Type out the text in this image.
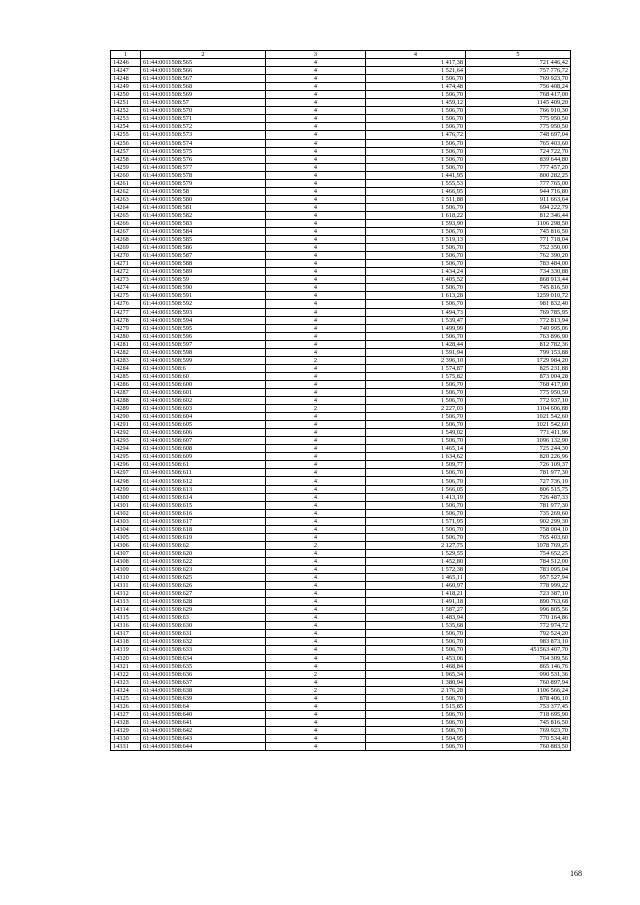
1	2	3	4	5
14246	61:44:0011508:565	4	1 417,38	721 446,42
14247	61:44:0011508:566	4	1 521,64	757 776,72
14248	61:44:0011508:567	4	1 506,70	769 923,70
14249	61:44:0011508:568	4	1 474,48	756 408,24
14250	61:44:0011508:569	4	1 506,70	768 417,00
14251	61:44:0011508:57	4	1 459,12	1145 409,20
14252	61:44:0011508:570	4	1 506,70	766 910,30
14253	61:44:0011508:571	4	1 506,70	775 950,50
14254	61:44:0011508:572	4	1 506,70	775 950,50
14255	61:44:0011508:573	4	1 476,72	748 697,04
14256	61:44:0011508:574	4	1 506,70	765 403,60
14257	61:44:0011508:575	4	1 506,70	724 722,70
14258	61:44:0011508:576	4	1 506,70	839 644,80
14259	61:44:0011508:577	4	1 506,70	777 457,20
14260	61:44:0011508:578	4	1 441,95	800 282,25
14261	61:44:0011508:579	4	1 555,53	777 765,00
14262	61:44:0011508:58	4	1 466,95	944 716,80
14263	61:44:0011508:580	4	1 511,88	911 663,64
14264	61:44:0011508:581	4	1 506,79	694 222,79
14265	61:44:0011508:582	4	1 618,22	812 346,44
14266	61:44:0011508:583	4	1 593,90	1106 298,50
14267	61:44:0011508:584	4	1 506,70	745 816,50
14268	61:44:0011508:585	4	1 519,13	771 718,04
14269	61:44:0011508:586	4	1 506,70	752 350,00
14270	61:44:0011508:587	4	1 506,70	762 390,20
14271	61:44:0011508:588	4	1 506,70	783 484,00
14272	61:44:0011508:589	4	1 434,24	734 330,88
14273	61:44:0011508:59	4	1 405,52	868 913,44
14274	61:44:0011508:590	4	1 506,70	745 816,50
14275	61:44:0011508:591	4	1 613,28	1259 010,72
14276	61:44:0011508:592	4	1 506,70	981 832,40
14277	61:44:0011508:593	4	1 494,73	769 785,95
14278	61:44:0011508:594	4	1 539,47	772 813,94
14279	61:44:0011508:595	4	1 499,99	740 995,06
14280	61:44:0011508:596	4	1 506,70	763 896,90
14281	61:44:0011508:597	4	1 428,44	812 782,36
14282	61:44:0011508:598	4	1 591,94	799 153,88
14283	61:44:0011508:599	2	2 396,10	1729 984,20
14284	61:44:0011508:6	4	1 574,87	825 231,88
14285	61:44:0011508:60	4	1 575,82	873 004,28
14286	61:44:0011508:600	4	1 506,70	768 417,00
14287	61:44:0011508:601	4	1 506,70	775 950,50
14288	61:44:0011508:602	4	1 506,70	772 937,10
14289	61:44:0011508:603	2	2 227,03	1104 606,88
14290	61:44:0011508:604	4	1 506,70	1021 542,60
14291	61:44:0011508:605	4	1 506,70	1021 542,60
14292	61:44:0011508:606	4	1 549,02	771 411,96
14293	61:44:0011508:607	4	1 506,70	1096 132,90
14294	61:44:0011508:608	4	1 465,14	725 244,30
14295	61:44:0011508:609	4	1 634,62	820 226,96
14296	61:44:0011508:61	4	1 509,77	726 109,37
14297	61:44:0011508:611	4	1 506,70	781 977,30
14298	61:44:0011508:612	4	1 506,70	727 736,10
14299	61:44:0011508:613	4	1 566,05	806 515,75
14300	61:44:0011508:614	4	1 413,19	726 487,33
14301	61:44:0011508:615	4	1 506,70	781 977,30
14302	61:44:0011508:616	4	1 506,70	735 269,60
14303	61:44:0011508:617	4	1 571,95	902 299,30
14304	61:44:0011508:618	4	1 506,70	758 004,10
14305	61:44:0011508:619	4	1 506,70	765 403,60
14306	61:44:0011508:62	2	2 127,75	1078 769,25
14307	61:44:0011508:620	4	1 529,55	754 652,25
14308	61:44:0011508:622	4	1 452,80	784 512,00
14309	61:44:0011508:623	4	1 572,38	783 095,04
14310	61:44:0011508:625	4	1 465,11	957 527,94
14311	61:44:0011508:626	4	1 460,97	778 999,22
14312	61:44:0011508:627	4	1 418,21	723 387,10
14313	61:44:0011508:628	4	1 491,18	890 763,68
14314	61:44:0011508:629	4	1 587,27	996 805,56
14315	61:44:0011508:63	4	1 483,94	770 164,86
14316	61:44:0011508:630	4	1 535,68	772 974,72
14317	61:44:0011508:631	4	1 506,70	792 524,20
14318	61:44:0011508:632	4	1 506,70	983 873,10
14319	61:44:0011508:633	4	1 506,70	451563 407,70
14320	61:44:0011508:634	4	1 453,06	764 309,56
14321	61:44:0011508:635	4	1 468,84	865 146,76
14322	61:44:0011508:636	2	1 965,34	990 531,36
14323	61:44:0011508:637	4	1 380,94	760 897,94
14324	61:44:0011508:638	2	2 176,28	1106 566,24
14325	61:44:0011508:639	4	1 506,70	878 406,10
14326	61:44:0011508:64	4	1 515,85	753 377,45
14327	61:44:0011508:640	4	1 506,70	718 695,90
14328	61:44:0011508:641	4	1 506,70	745 816,50
14329	61:44:0011508:642	4	1 506,70	769 923,70
14330	61:44:0011508:643	4	1 504,95	770 534,40
14331	61:44:0011508:644	4	1 506,70	760 883,50
168
